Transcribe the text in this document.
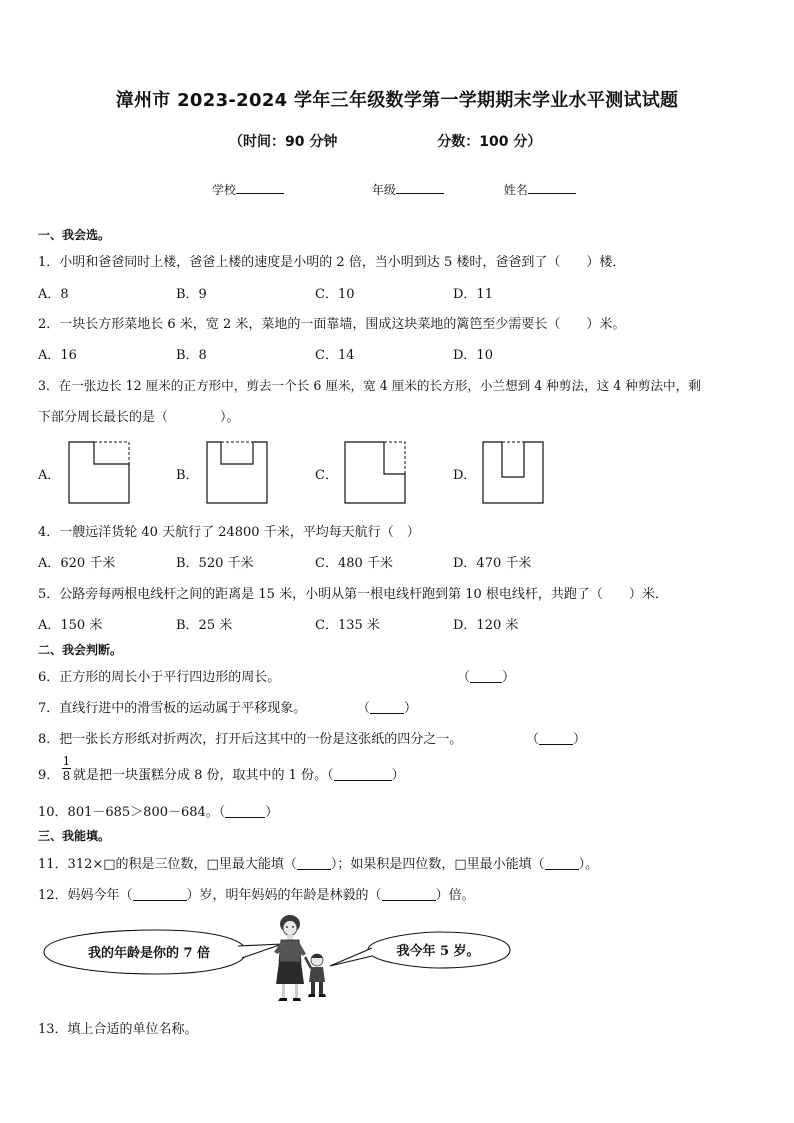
漳州市 2023-2024 学年三年级数学第一学期期末学业水平测试试题
（时间：90 分钟	分数：100 分）
学校	年级	姓名
一、我会选。
1．小明和爸爸同时上楼，爸爸上楼的速度是小明的 2 倍，当小明到达 5 楼时，爸爸到了（　　）楼．
A．8	B．9	C．10	D．11
2．一块长方形菜地长 6 米，宽 2 米，菜地的一面靠墙，围成这块菜地的篱笆至少需要长（　　）米。
A．16	B．8	C．14	D．10
3．在一张边长 12 厘米的正方形中，剪去一个长 6 厘米，宽 4 厘米的长方形，小兰想到 4 种剪法，这 4 种剪法中，剩
下部分周长最长的是（　　　　）。
A．	B．	C．	D．
4．一艘远洋货轮 40 天航行了 24800 千米，平均每天航行（　）
A．620 千米	B．520 千米	C．480 千米	D．470 千米
5．公路旁每两根电线杆之间的距离是 15 米，小明从第一根电线杆跑到第 10 根电线杆，共跑了（　　）米．
A．150 米	B．25 米	C．135 米	D．120 米
二、我会判断。
6．正方形的周长小于平行四边形的周长。	（ ）
7．直线行进中的滑雪板的运动属于平移现象。	（	）
8．把一张长方形纸对折两次，打开后这其中的一份是这张纸的四分之一。	（	）
9．
1
8 就是把一块蛋糕分成 8 份，取其中的 1 份。（	）
10．801－685＞800－684。（	）
三、我能填。
11．312×□的积是三位数，□里最大能填（	）；如果积是四位数，□里最小能填（	）。
12．妈妈今年（	）岁，明年妈妈的年龄是林毅的（	）倍。
我的年龄是你的 7 倍	我今年 5 岁。
13．填上合适的单位名称。
